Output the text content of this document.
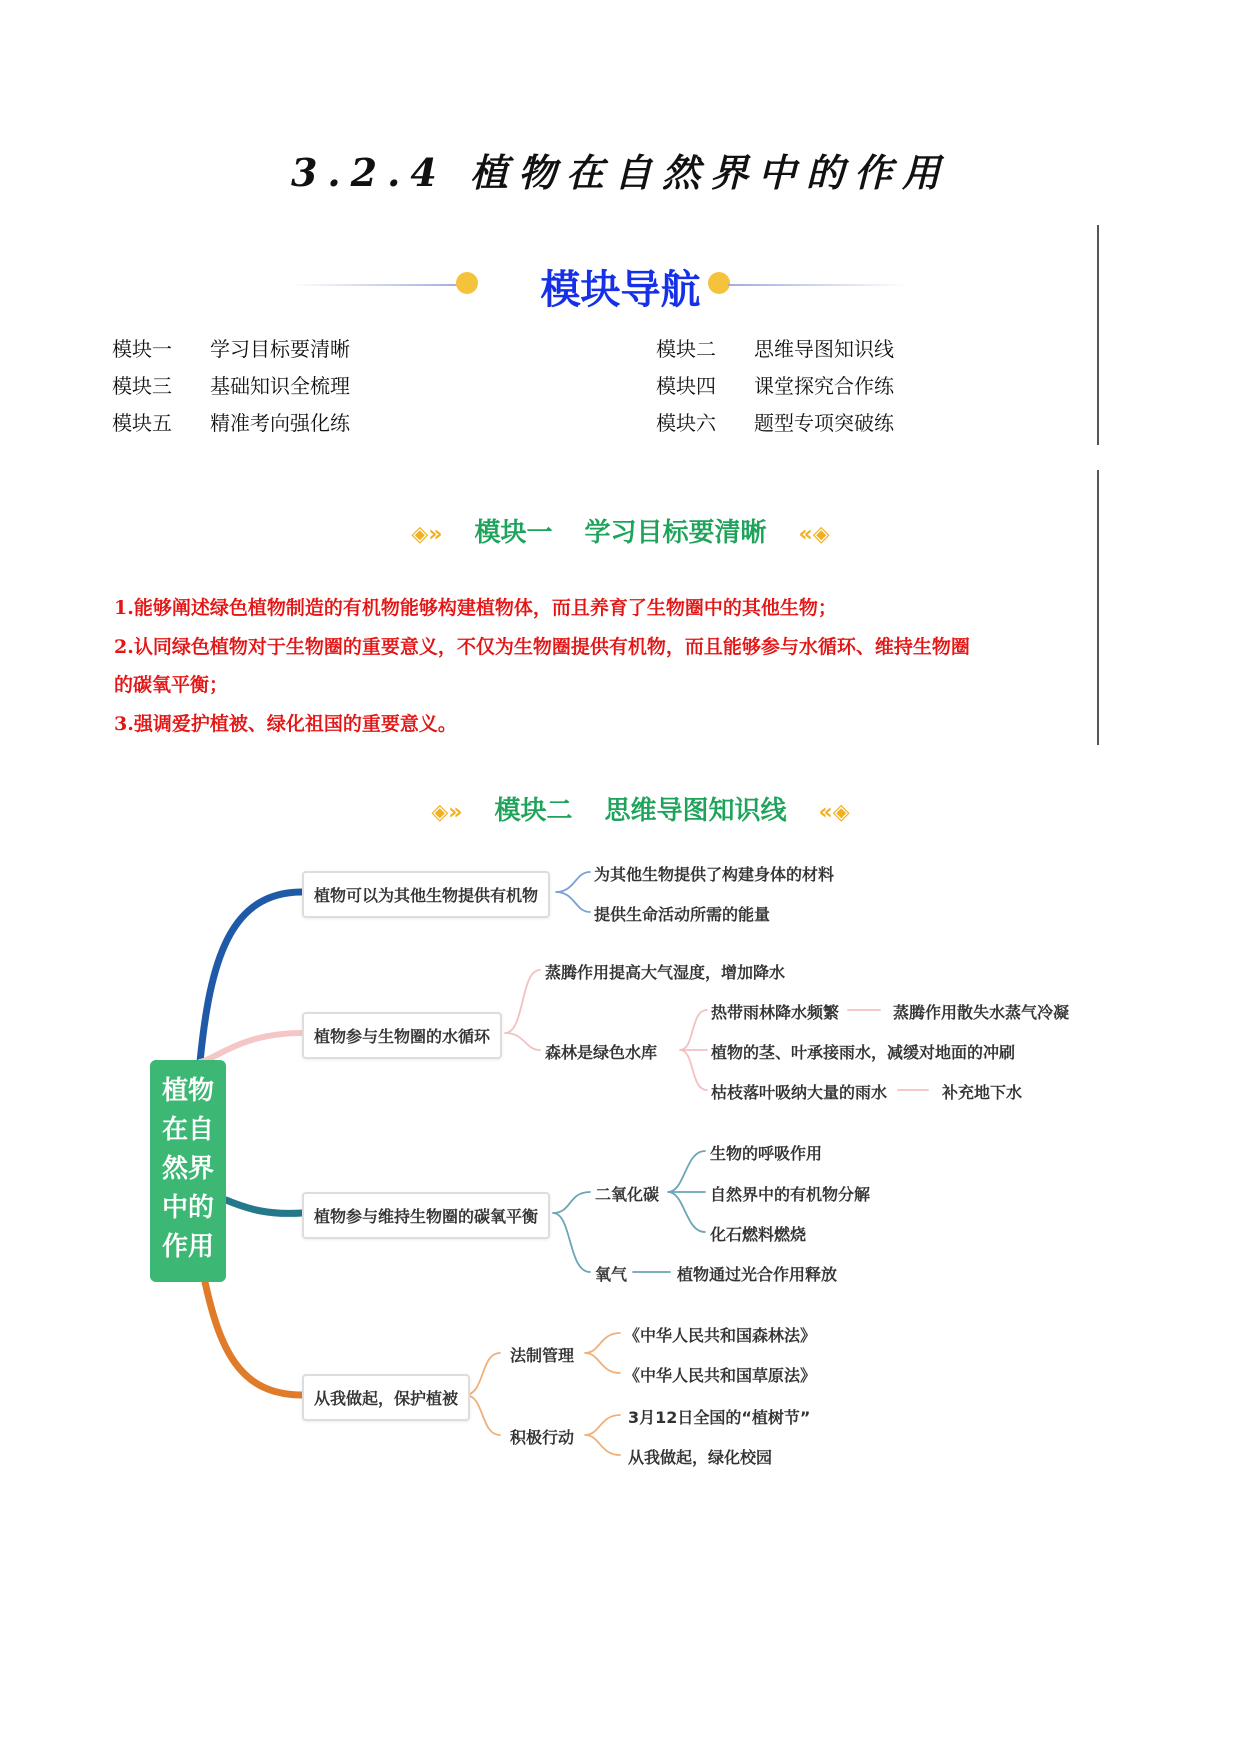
3.2.4 植物在自然界中的作用
模块导航
模块一 学习目标要清晰	模块二 思维导图知识线
模块三 基础知识全梳理	模块四 课堂探究合作练
模块五 精准考向强化练	模块六 题型专项突破练
◈» 模块一 学习目标要清晰 «◈
1.能够阐述绿色植物制造的有机物能够构建植物体，而且养育了生物圈中的其他生物；
2.认同绿色植物对于生物圈的重要意义，不仅为生物圈提供有机物，而且能够参与水循环、维持生物圈
的碳氧平衡；
3.强调爱护植被、绿化祖国的重要意义。
◈» 模块二 思维导图知识线 «◈
植物
在自
然界
中的
作用
植物可以为其他生物提供有机物
为其他生物提供了构建身体的材料
提供生命活动所需的能量
植物参与生物圈的水循环
蒸腾作用提高大气湿度，增加降水
森林是绿色水库
热带雨林降水频繁	蒸腾作用散失水蒸气冷凝
植物的茎、叶承接雨水，减缓对地面的冲刷
枯枝落叶吸纳大量的雨水	补充地下水
植物参与维持生物圈的碳氧平衡
二氧化碳
生物的呼吸作用
自然界中的有机物分解
化石燃料燃烧
氧气	植物通过光合作用释放
从我做起，保护植被
法制管理
《中华人民共和国森林法》
《中华人民共和国草原法》
积极行动
3月12日全国的“植树节”
从我做起，绿化校园
